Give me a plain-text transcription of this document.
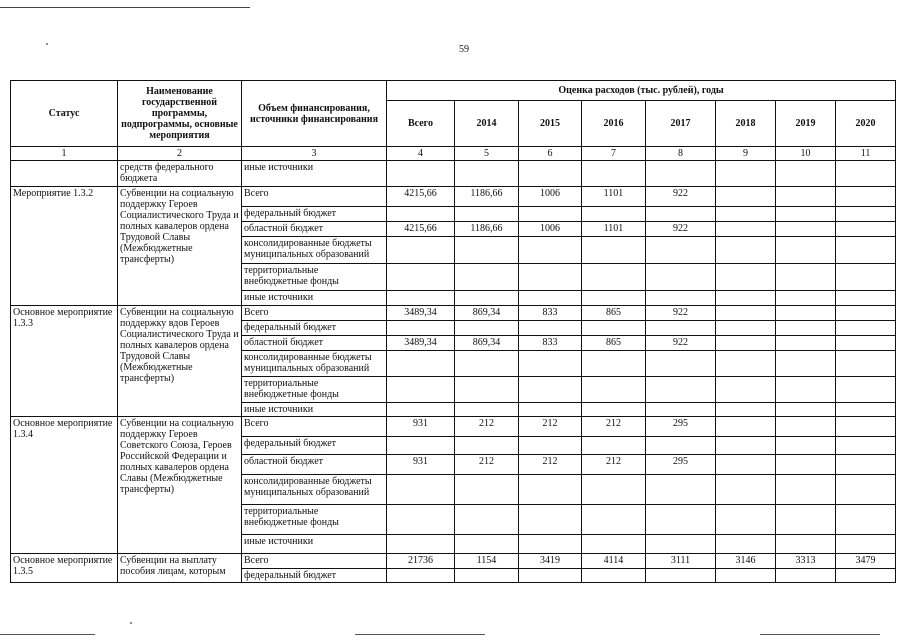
59
Статус	Наименование государственной программы, подпрограммы, основные мероприятия	Объем финансирования, источники финансирования	Оценка расходов (тыс. рублей), годы							
			Всего	2014	2015	2016	2017	2018	2019	2020
1	2	3	4	5	6	7	8	9	10	11
	средств федерального бюджета	иные источники								
Мероприятие 1.3.2	Субвенции на социальную поддержку Героев Социалистического Труда и полных кавалеров ордена Трудовой Славы (Межбюджетные трансферты)	Всего	4215,66	1186,66	1006	1101	922			
		федеральный бюджет								
		областной бюджет	4215,66	1186,66	1006	1101	922			
		консолидированные бюджеты муниципальных образований								
		территориальные внебюджетные фонды								
		иные источники								
Основное мероприятие 1.3.3	Субвенции на социальную поддержку вдов Героев Социалистического Труда и полных кавалеров ордена Трудовой Славы (Межбюджетные трансферты)	Всего	3489,34	869,34	833	865	922			
		федеральный бюджет								
		областной бюджет	3489,34	869,34	833	865	922			
		консолидированные бюджеты муниципальных образований								
		территориальные внебюджетные фонды								
		иные источники								
Основное мероприятие 1.3.4	Субвенции на социальную поддержку Героев Советского Союза, Героев Российской Федерации и полных кавалеров ордена Славы (Межбюджетные трансферты)	Всего	931	212	212	212	295			
		федеральный бюджет								
		областной бюджет	931	212	212	212	295			
		консолидированные бюджеты муниципальных образований								
		территориальные внебюджетные фонды								
		иные источники								
Основное мероприятие 1.3.5	Субвенции на выплату пособия лицам, которым	Всего	21736	1154	3419	4114	3111	3146	3313	3479
		федеральный бюджет								
